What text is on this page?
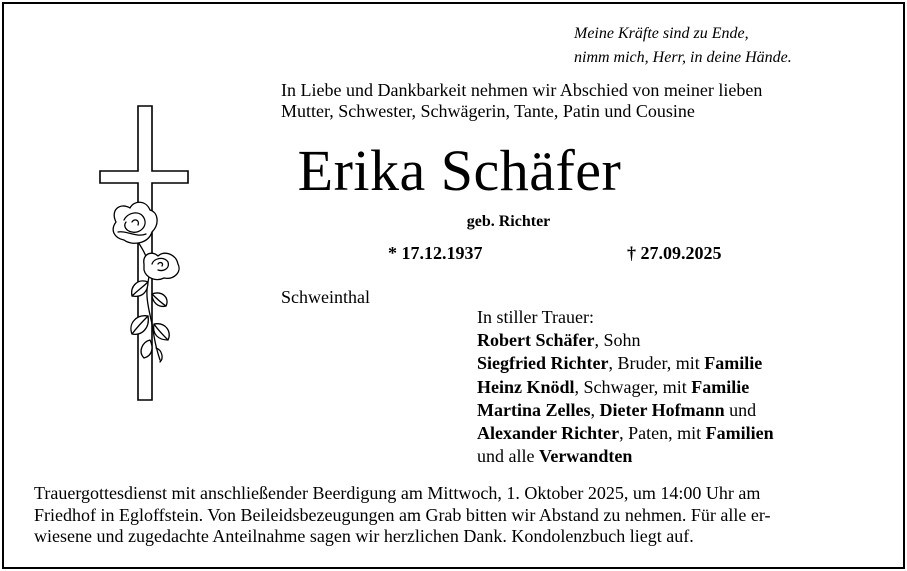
Meine Kräfte sind zu Ende,
nimm mich, Herr, in deine Hände.
In Liebe und Dankbarkeit nehmen wir Abschied von meiner lieben
Mutter, Schwester, Schwägerin, Tante, Patin und Cousine
Erika Schäfer
geb. Richter
* 17.12.1937	† 27.09.2025
Schweinthal
In stiller Trauer:
Robert Schäfer, Sohn
Siegfried Richter, Bruder, mit Familie
Heinz Knödl, Schwager, mit Familie
Martina Zelles, Dieter Hofmann und
Alexander Richter, Paten, mit Familien
und alle Verwandten
Trauergottesdienst mit anschließender Beerdigung am Mittwoch, 1. Oktober 2025, um 14:00 Uhr am
Friedhof in Egloffstein. Von Beileidsbezeugungen am Grab bitten wir Abstand zu nehmen. Für alle er-
wiesene und zugedachte Anteilnahme sagen wir herzlichen Dank. Kondolenzbuch liegt auf.
